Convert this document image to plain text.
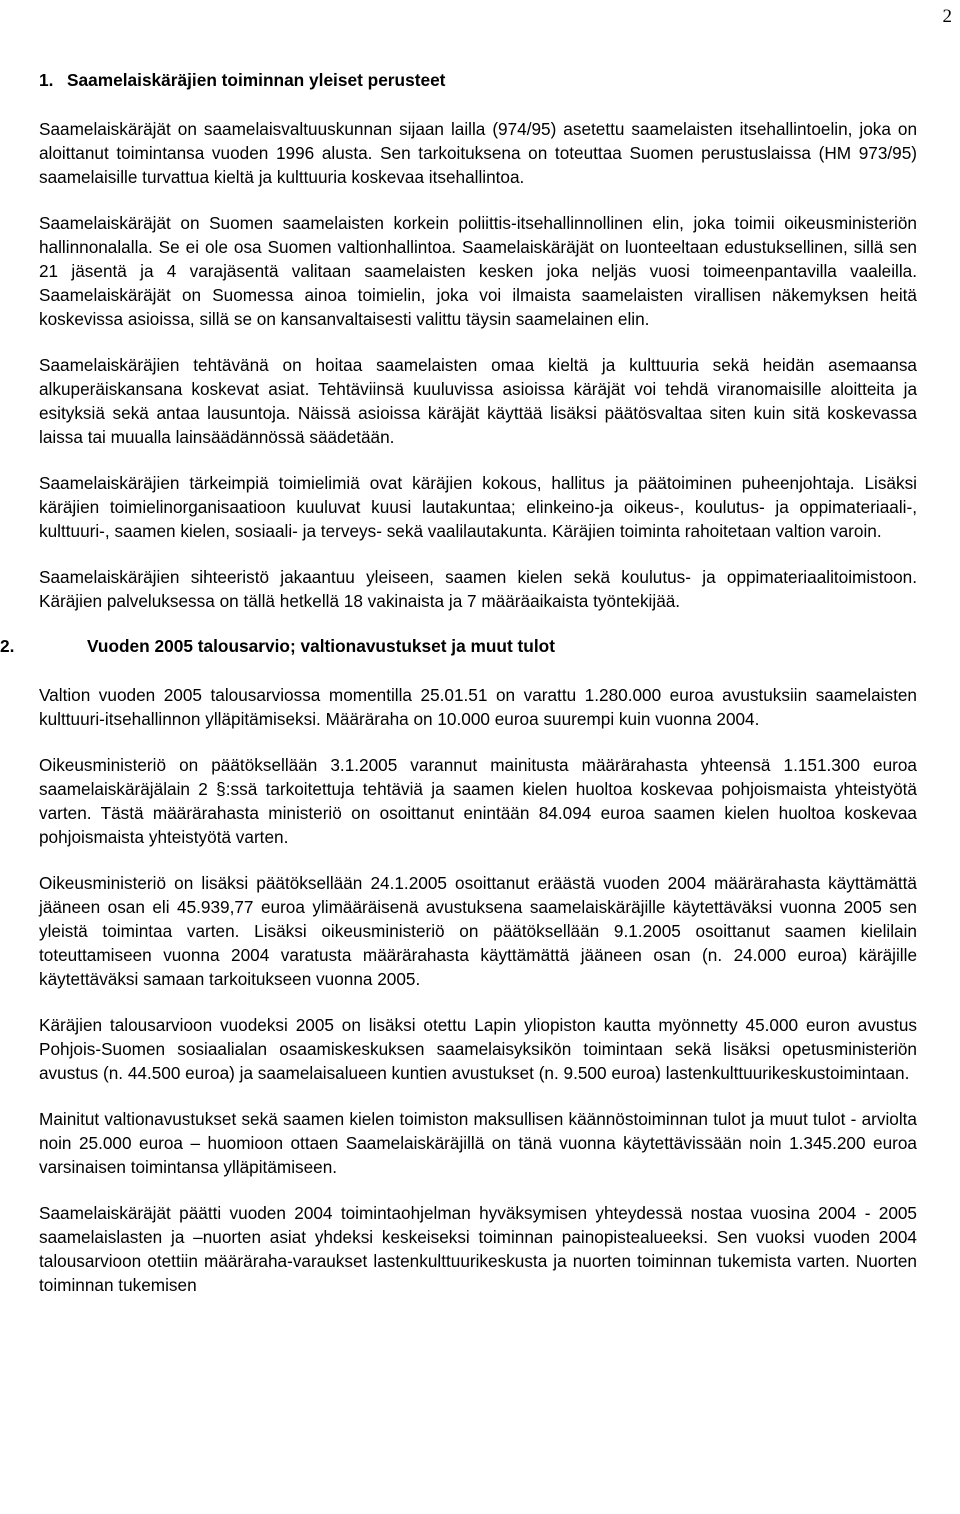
2
1. Saamelaiskäräjien toiminnan yleiset perusteet

Saamelaiskäräjät on saamelaisvaltuuskunnan sijaan lailla (974/95) asetettu saamelaisten itsehallintoelin, joka on aloittanut toimintansa vuoden 1996 alusta. Sen tarkoituksena on toteuttaa Suomen perustuslaissa (HM 973/95) saamelaisille turvattua kieltä ja kulttuuria koskevaa itsehallintoa.

Saamelaiskäräjät on Suomen saamelaisten korkein poliittis-itsehallinnollinen elin, joka toimii oikeusministeriön hallinnonalalla. Se ei ole osa Suomen valtionhallintoa. Saamelaiskäräjät on luonteeltaan edustuksellinen, sillä sen 21 jäsentä ja 4 varajäsentä valitaan saamelaisten kesken joka neljäs vuosi toimeenpantavilla vaaleilla. Saamelaiskäräjät on Suomessa ainoa toimielin, joka voi ilmaista saamelaisten virallisen näkemyksen heitä koskevissa asioissa, sillä se on kansanvaltaisesti valittu täysin saamelainen elin.

Saamelaiskäräjien tehtävänä on hoitaa saamelaisten omaa kieltä ja kulttuuria sekä heidän asemaansa alkuperäiskansana koskevat asiat. Tehtäviinsä kuuluvissa asioissa käräjät voi tehdä viranomaisille aloitteita ja esityksiä sekä antaa lausuntoja. Näissä asioissa käräjät käyttää lisäksi päätösvaltaa siten kuin sitä koskevassa laissa tai muualla lainsäädännössä säädetään.

Saamelaiskäräjien tärkeimpiä toimielimiä ovat käräjien kokous, hallitus ja päätoiminen puheenjohtaja. Lisäksi käräjien toimielinorganisaatioon kuuluvat kuusi lautakuntaa; elinkeino-ja oikeus-, koulutus- ja oppimateriaali-, kulttuuri-, saamen kielen, sosiaali- ja terveys- sekä vaalilautakunta. Käräjien toiminta rahoitetaan valtion varoin.

Saamelaiskäräjien sihteeristö jakaantuu yleiseen, saamen kielen sekä koulutus- ja oppimateriaalitoimistoon. Käräjien palveluksessa on tällä hetkellä 18 vakinaista ja 7 määräaikaista työntekijää.

2.	Vuoden 2005 talousarvio; valtionavustukset ja muut tulot

Valtion vuoden 2005 talousarviossa momentilla 25.01.51 on varattu 1.280.000 euroa avustuksiin saamelaisten kulttuuri-itsehallinnon ylläpitämiseksi. Määräraha on 10.000 euroa suurempi kuin vuonna 2004.

Oikeusministeriö on päätöksellään 3.1.2005 varannut mainitusta määrärahasta yhteensä 1.151.300 euroa saamelaiskäräjälain 2 §:ssä tarkoitettuja tehtäviä ja saamen kielen huoltoa koskevaa pohjoismaista yhteistyötä varten. Tästä määrärahasta ministeriö on osoittanut enintään 84.094 euroa saamen kielen huoltoa koskevaa pohjoismaista yhteistyötä varten.

Oikeusministeriö on lisäksi päätöksellään 24.1.2005 osoittanut eräästä vuoden 2004 määrärahasta käyttämättä jääneen osan eli 45.939,77 euroa ylimääräisenä avustuksena saamelaiskäräjille käytettäväksi vuonna 2005 sen yleistä toimintaa varten. Lisäksi oikeusministeriö on päätöksellään 9.1.2005 osoittanut saamen kielilain toteuttamiseen vuonna 2004 varatusta määrärahasta käyttämättä jääneen osan (n. 24.000 euroa) käräjille käytettäväksi samaan tarkoitukseen vuonna 2005.

Käräjien talousarvioon vuodeksi 2005 on lisäksi otettu Lapin yliopiston kautta myönnetty 45.000 euron avustus Pohjois-Suomen sosiaalialan osaamiskeskuksen saamelaisyksikön toimintaan sekä lisäksi opetusministeriön avustus (n. 44.500 euroa) ja saamelaisalueen kuntien avustukset (n. 9.500 euroa) lastenkulttuurikeskustoimintaan.

Mainitut valtionavustukset sekä saamen kielen toimiston maksullisen käännöstoiminnan tulot ja muut tulot - arviolta noin 25.000 euroa – huomioon ottaen Saamelaiskäräjillä on tänä vuonna käytettävissään noin 1.345.200 euroa varsinaisen toimintansa ylläpitämiseen.

Saamelaiskäräjät päätti vuoden 2004 toimintaohjelman hyväksymisen yhteydessä nostaa vuosina 2004 - 2005 saamelaislasten ja –nuorten asiat yhdeksi keskeiseksi toiminnan painopistealueeksi. Sen vuoksi vuoden 2004 talousarvioon otettiin määräraha-varaukset lastenkulttuurikeskusta ja nuorten toiminnan tukemista varten. Nuorten toiminnan tukemisen
